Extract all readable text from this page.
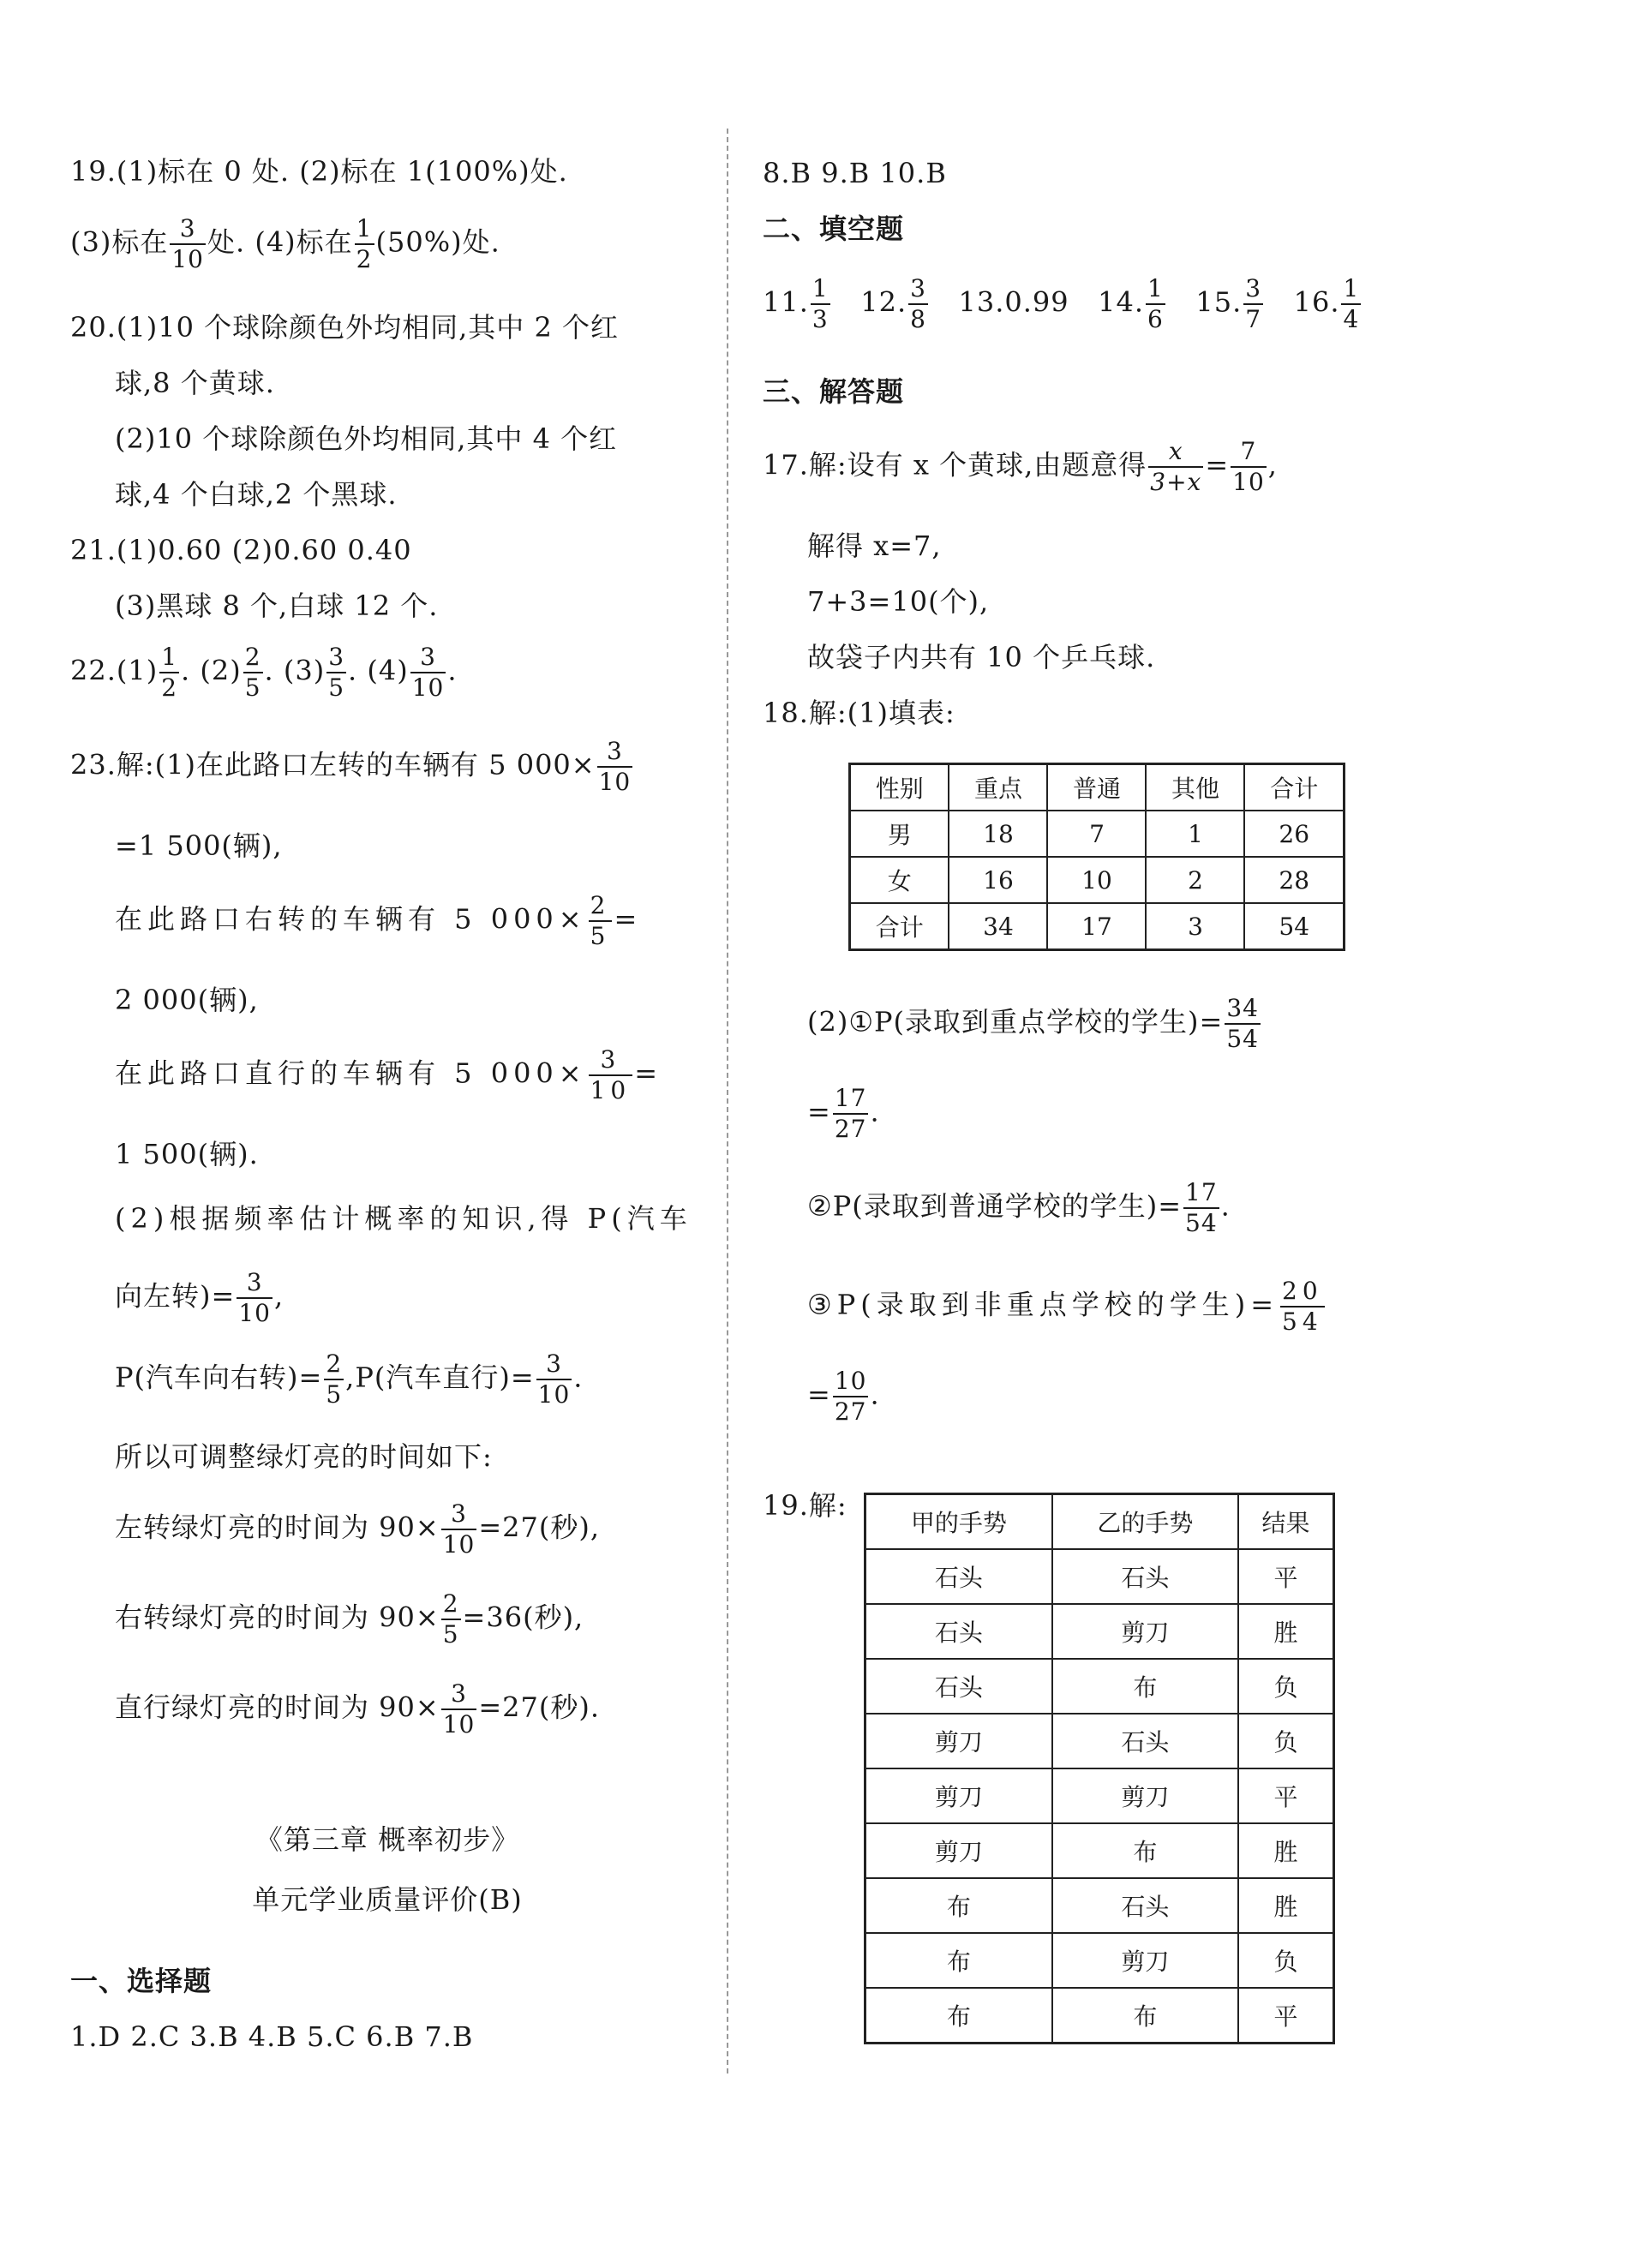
19.(1)标在 0 处. (2)标在 1(100%)处.
(3)标在 $\frac{3}{10}$ 处. (4)标在 $\frac{1}{2} (50\%)$处.
20.(1)10 个球除颜色外均相同,其中 2 个红
球,8 个黄球.
(2)10 个球除颜色外均相同,其中 4 个红
球,4 个白球,2 个黑球.
21.(1)0.60 (2)0.60 0.40
(3)黑球 8 个,白球 12 个.
$22.(1) \frac{1}{2}$ . $(2) \frac{2}{5}$ . $(3) \frac{3}{5}$ . $(4) \frac{3}{10}$ .
23.解:(1)在此路口左转的车辆有 5 $000\times \frac{3}{10}$
=1 500(辆),
在此路口右转的车辆有 5 $000\times \frac{2}{5}$ =
2 000(辆),
在此路口直行的车辆有 5 $000\times \frac{3}{10}$ =
1 500(辆).
(2)根据频率估计概率的知识,得 P(汽车
向左转)= $\frac{3}{10}$ ,
P(汽车向右转)= $\frac{2}{5} ,P$(汽车直行)= $\frac{3}{10}$ .
所以可调整绿灯亮的时间如下:
左转绿灯亮的时间为 $90\times \frac{3}{10} =27$(秒),
右转绿灯亮的时间为 $90\times \frac{2}{5} =36$(秒),
直行绿灯亮的时间为 $90\times \frac{3}{10} =27$(秒).
《第三章 概率初步》
单元学业质量评价(B)
一、选择题
1.D 2.C 3.B 4.B 5.C 6.B 7.B
8.B 9.B 10.B
二、填空题
11. $\frac{1}{3} 12$. $\frac{3}{8} 13.0.99$ 14. $\frac{1}{6} 15$. $\frac{3}{7} 16$. $\frac{1}{4}$
三、解答题
17.解:设有 x 个黄球,由题意得 $\frac{x}{3+x} = \frac{7}{10}$ ,
解得 x=7,
7+3=10(个),
故袋子内共有 10 个乒乓球.
18.解:(1)填表:
性别	重点	普通	其他	合计
男	18	7	1	26
女	16	10	2	28
合计	34	17	3	54
(2)①P(录取到重点学校的学生)= $\frac{34}{54}$
= $\frac{17}{27}$ .
②P(录取到普通学校的学生)= $\frac{17}{54}$ .
③P(录取到非重点学校的学生)= $\frac{20}{54}$
= $\frac{10}{27}$ .
19.解:
甲的手势	乙的手势	结果
石头	石头	平
石头	剪刀	胜
石头	布	负
剪刀	石头	负
剪刀	剪刀	平
剪刀	布	胜
布	石头	胜
布	剪刀	负
布	布	平
